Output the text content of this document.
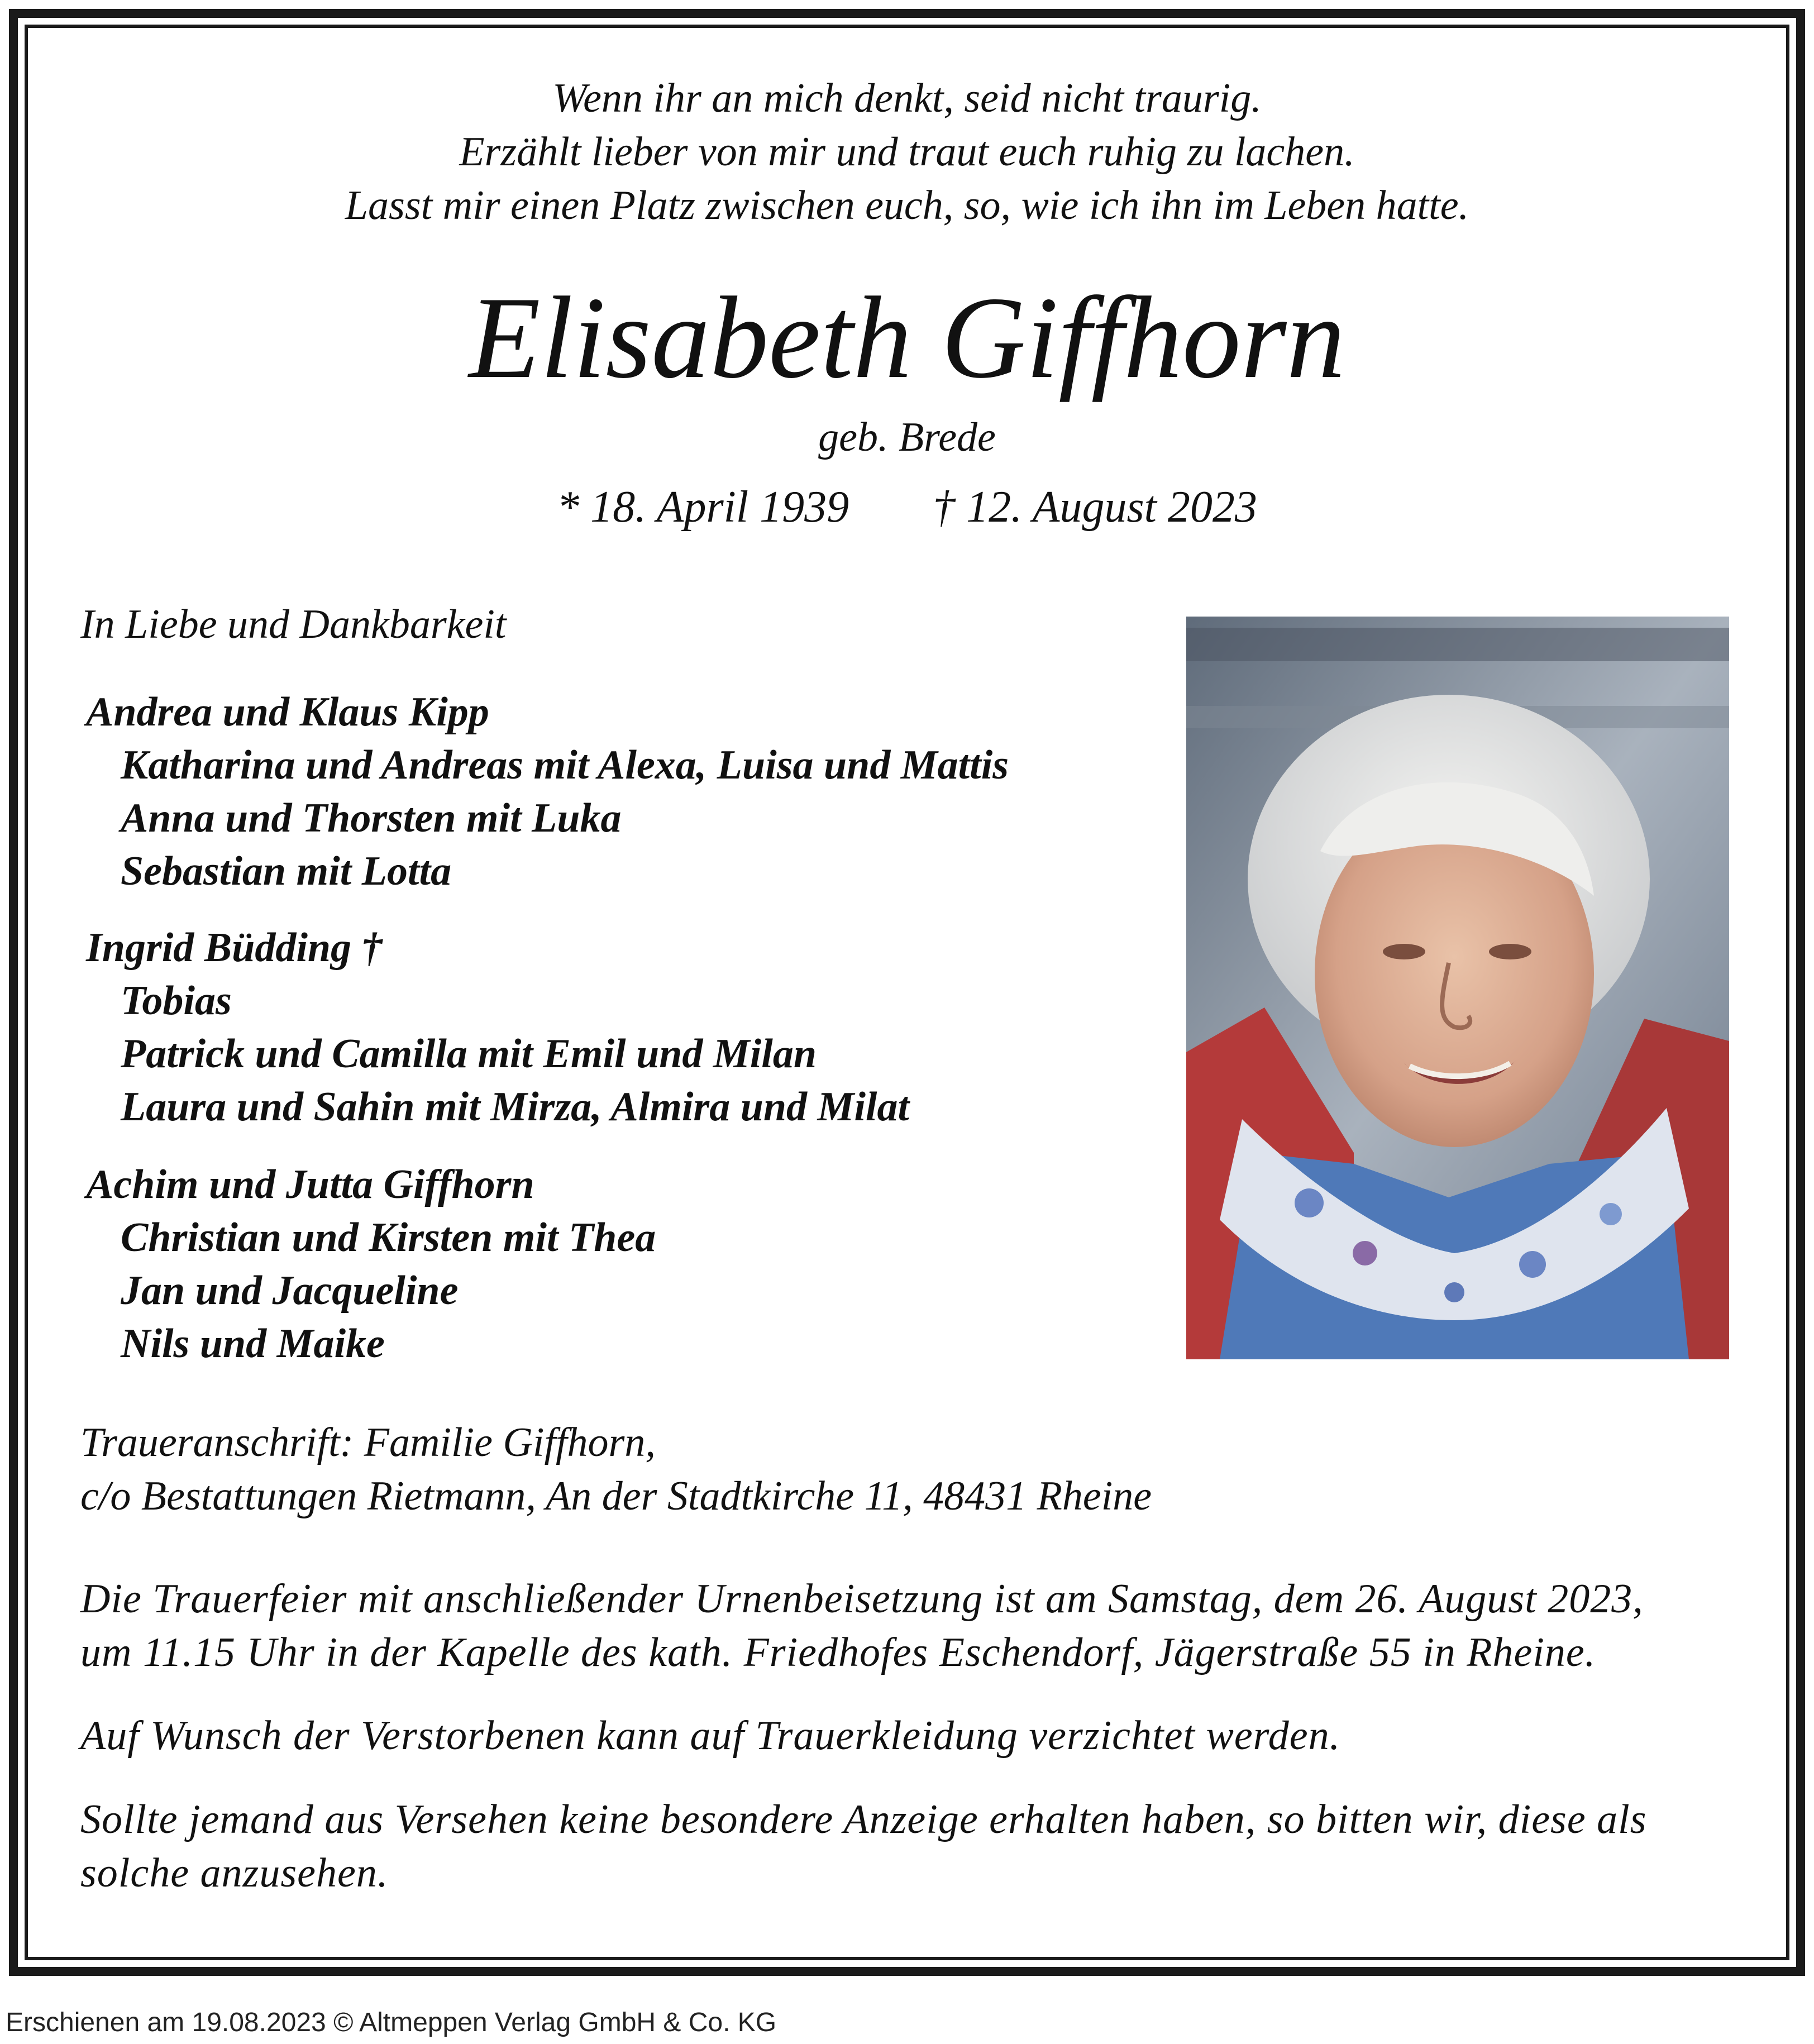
Wenn ihr an mich denkt, seid nicht traurig.
Erzählt lieber von mir und traut euch ruhig zu lachen.
Lasst mir einen Platz zwischen euch, so, wie ich ihn im Leben hatte.
Elisabeth Giffhorn
geb. Brede
* 18. April 1939 † 12. August 2023
In Liebe und Dankbarkeit
Andrea und Klaus Kipp
Katharina und Andreas mit Alexa, Luisa und Mattis
Anna und Thorsten mit Luka
Sebastian mit Lotta
Ingrid Büdding †
Tobias
Patrick und Camilla mit Emil und Milan
Laura und Sahin mit Mirza, Almira und Milat
Achim und Jutta Giffhorn
Christian und Kirsten mit Thea
Jan und Jacqueline
Nils und Maike
Traueranschrift: Familie Giffhorn,
c/o Bestattungen Rietmann, An der Stadtkirche 11, 48431 Rheine
Die Trauerfeier mit anschließender Urnenbeisetzung ist am Samstag, dem 26. August 2023,
um 11.15 Uhr in der Kapelle des kath. Friedhofes Eschendorf, Jägerstraße 55 in Rheine.
Auf Wunsch der Verstorbenen kann auf Trauerkleidung verzichtet werden.
Sollte jemand aus Versehen keine besondere Anzeige erhalten haben, so bitten wir, diese als
solche anzusehen.
Erschienen am 19.08.2023 © Altmeppen Verlag GmbH & Co. KG
